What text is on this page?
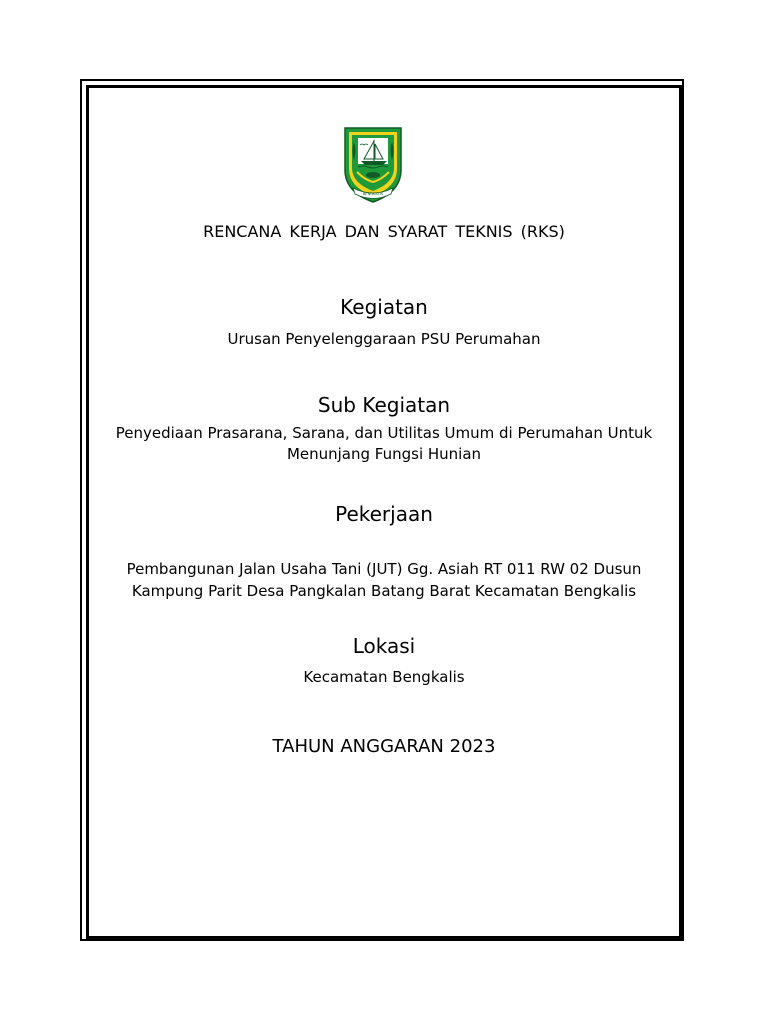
BENGKALIS
RENCANA KERJA DAN SYARAT TEKNIS (RKS)
Kegiatan
Urusan Penyelenggaraan PSU Perumahan
Sub Kegiatan
Penyediaan Prasarana, Sarana, dan Utilitas Umum di Perumahan Untuk
Menunjang Fungsi Hunian
Pekerjaan
Pembangunan Jalan Usaha Tani (JUT) Gg. Asiah RT 011 RW 02 Dusun
Kampung Parit Desa Pangkalan Batang Barat Kecamatan Bengkalis
Lokasi
Kecamatan Bengkalis
TAHUN ANGGARAN 2023
